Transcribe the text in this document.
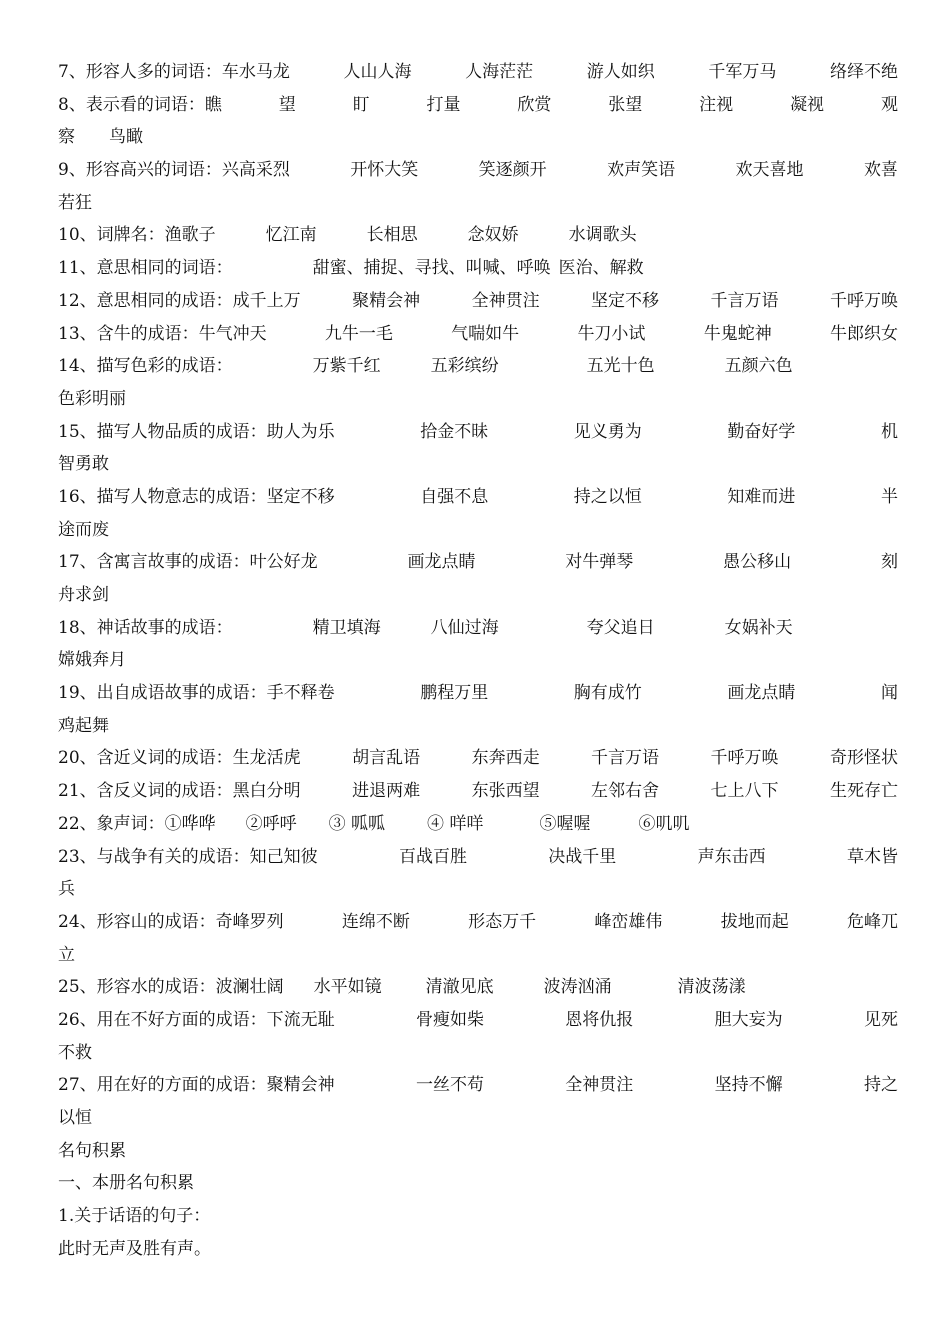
7、形容人多的词语： 车水马龙	人山人海	人海茫茫	游人如织	千军万马	络绎不绝
8、表示看的词语： 瞧	望	盯	打量	欣赏	张望	注视	凝视	观
察　　鸟瞰
9、形容高兴的词语： 兴高采烈	开怀大笑	笑逐颜开	欢声笑语	欢天喜地	欢喜
若狂
10、词牌名： 渔歌子	忆江南	长相思	念奴娇	水调歌头
11、意思相同的词语：	甜蜜、捕捉、寻找、叫喊、呼唤 医治、解救
12、意思相同的成语： 成千上万	聚精会神	全神贯注	坚定不移	千言万语	千呼万唤
13、含牛的成语： 牛气冲天	九牛一毛	气喘如牛	牛刀小试	牛鬼蛇神	牛郎织女
14、描写色彩的成语：	万紫千红	五彩缤纷	五光十色	五颜六色
色彩明丽
15、描写人物品质的成语： 助人为乐	拾金不昧	见义勇为	勤奋好学	机
智勇敢
16、描写人物意志的成语： 坚定不移	自强不息	持之以恒	知难而进	半
途而废
17、含寓言故事的成语： 叶公好龙	画龙点睛	对牛弹琴	愚公移山	刻
舟求剑
18、神话故事的成语：	精卫填海	八仙过海	夸父追日	女娲补天
嫦娥奔月
19、出自成语故事的成语： 手不释卷	鹏程万里	胸有成竹	画龙点睛	闻
鸡起舞
20、含近义词的成语： 生龙活虎	胡言乱语	东奔西走	千言万语	千呼万唤	奇形怪状
21、含反义词的成语： 黑白分明	进退两难	东张西望	左邻右舍	七上八下	生死存亡
22、象声词： ①哗哗 ②呼呼 ③ 呱呱 ④ 咩咩	⑤喔喔	⑥叽叽
23、与战争有关的成语： 知己知彼	百战百胜	决战千里	声东击西	草木皆
兵
24、形容山的成语： 奇峰罗列	连绵不断	形态万千	峰峦雄伟	拔地而起	危峰兀
立
25、形容水的成语： 波澜壮阔 水平如镜	清澈见底	波涛汹涌	清波荡漾
26、用在不好方面的成语： 下流无耻	骨瘦如柴	恩将仇报	胆大妄为	见死
不救
27、用在好的方面的成语： 聚精会神	一丝不苟	全神贯注	坚持不懈	持之
以恒
名句积累
一、本册名句积累
1.关于话语的句子：
此时无声及胜有声。
